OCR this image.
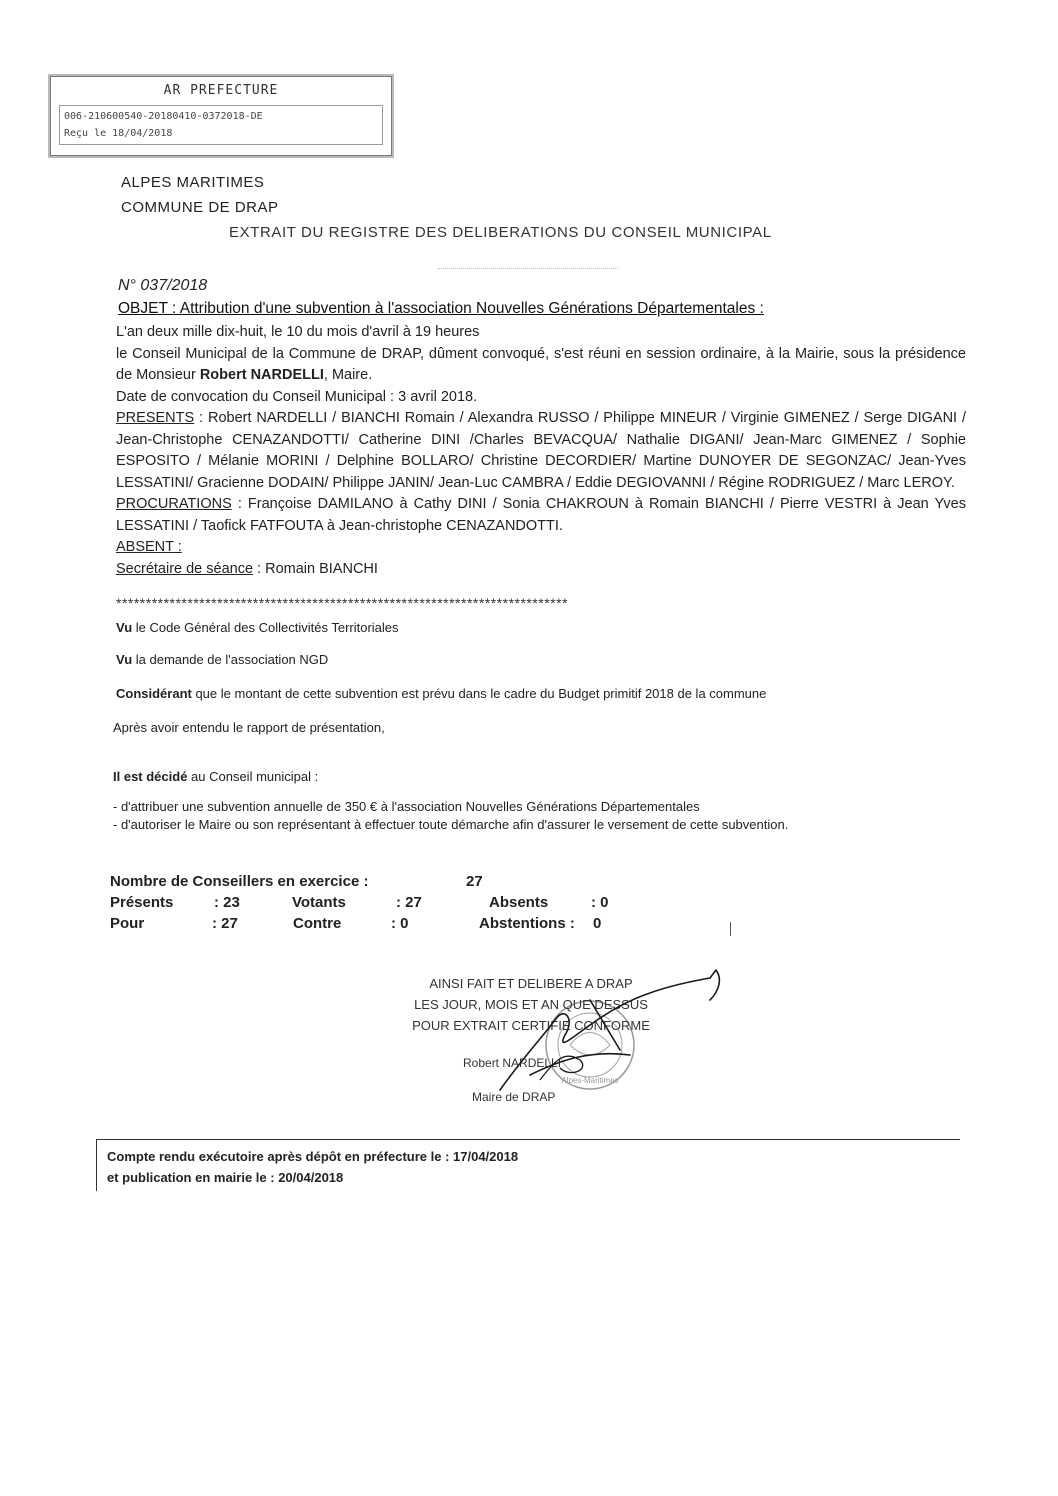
AR PREFECTURE
006-210600540-20180410-0372018-DE
Reçu le 18/04/2018
ALPES MARITIMES
COMMUNE DE DRAP
EXTRAIT DU REGISTRE DES DELIBERATIONS DU CONSEIL MUNICIPAL
N° 037/2018
OBJET : Attribution d'une subvention à l'association Nouvelles Générations Départementales :
L'an deux mille dix-huit, le 10 du mois d'avril à 19 heures
le Conseil Municipal de la Commune de DRAP, dûment convoqué, s'est réuni en session ordinaire, à la Mairie, sous la présidence de Monsieur Robert NARDELLI, Maire.
Date de convocation du Conseil Municipal : 3 avril 2018.
PRESENTS : Robert NARDELLI / BIANCHI Romain / Alexandra RUSSO / Philippe MINEUR / Virginie GIMENEZ / Serge DIGANI / Jean-Christophe CENAZANDOTTI/ Catherine DINI /Charles BEVACQUA/ Nathalie DIGANI/ Jean-Marc GIMENEZ / Sophie ESPOSITO / Mélanie MORINI / Delphine BOLLARO/ Christine DECORDIER/ Martine DUNOYER DE SEGONZAC/ Jean-Yves LESSATINI/ Gracienne DODAIN/ Philippe JANIN/ Jean-Luc CAMBRA / Eddie DEGIOVANNI / Régine RODRIGUEZ / Marc LEROY.
PROCURATIONS : Françoise DAMILANO à Cathy DINI / Sonia CHAKROUN à Romain BIANCHI / Pierre VESTRI à Jean Yves LESSATINI / Taofick FATFOUTA à Jean-christophe CENAZANDOTTI.
ABSENT :
Secrétaire de séance : Romain BIANCHI
****************************************************************************
Vu le Code Général des Collectivités Territoriales
Vu la demande de l'association NGD
Considérant que le montant de cette subvention est prévu dans le cadre du Budget primitif 2018 de la commune
Après avoir entendu le rapport de présentation,
Il est décidé au Conseil municipal :
- d'attribuer une subvention annuelle de 350 € à l'association Nouvelles Générations Départementales
- d'autoriser le Maire ou son représentant à effectuer toute démarche afin d'assurer le versement de cette subvention.
Nombre de Conseillers en exercice :	27
Présents	: 23	Votants	: 27	Absents	: 0
Pour	: 27	Contre	: 0	Abstentions : 0
AINSI FAIT ET DELIBERE A DRAP
LES JOUR, MOIS ET AN QUE DESSUS
POUR EXTRAIT CERTIFIE CONFORME
Robert NARDELLI
Maire de DRAP
Alpes-Maritimes
Compte rendu exécutoire après dépôt en préfecture le : 17/04/2018
et publication en mairie le : 20/04/2018
